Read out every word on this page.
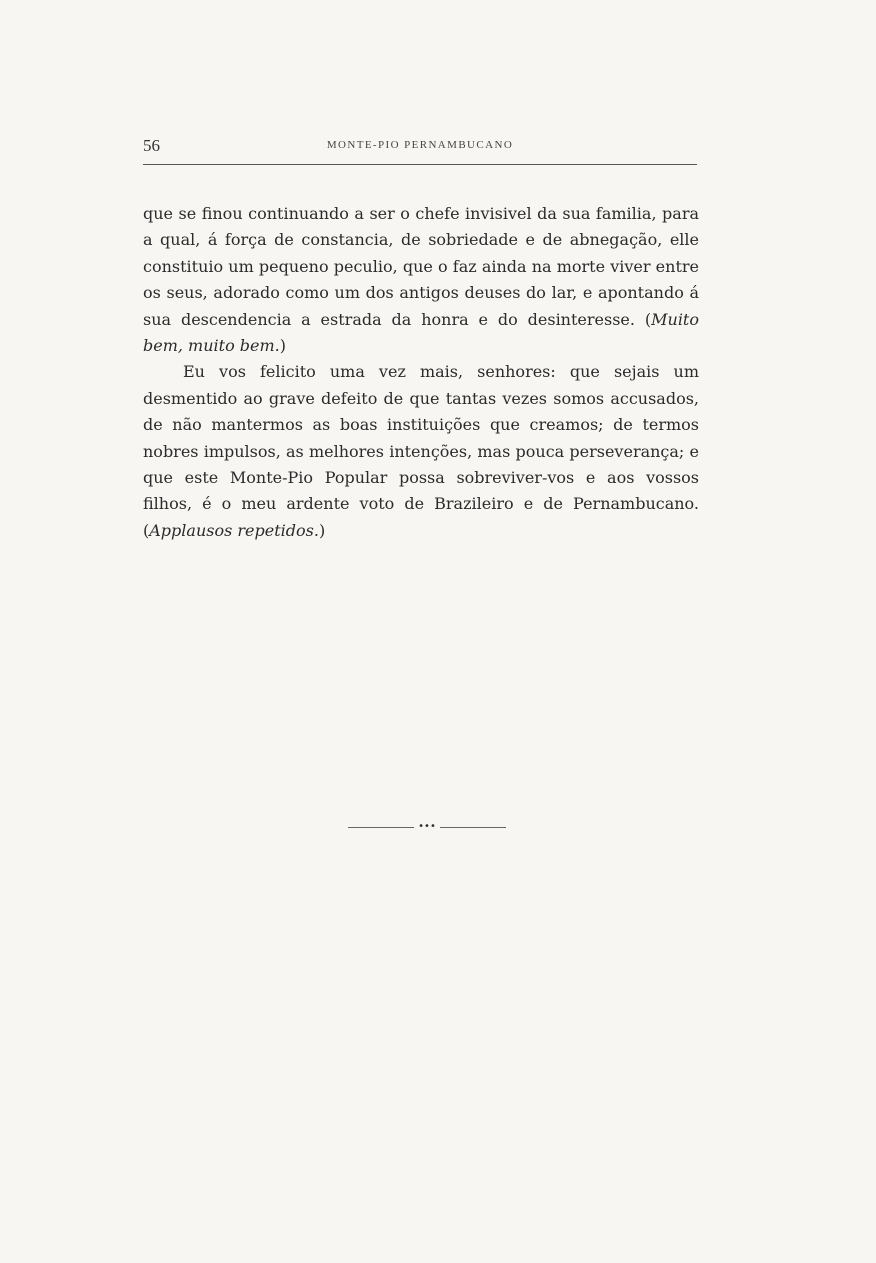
56	MONTE-PIO PERNAMBUCANO

que se finou continuando a ser o chefe invisivel da sua familia, para a qual, á força de constancia, de sobriedade e de abnegação, elle constituio um pequeno peculio, que o faz ainda na morte viver entre os seus, adorado como um dos antigos deuses do lar, e apontando á sua descendencia a estrada da honra e do desinteresse. (Muito bem, muito bem.)

Eu vos felicito uma vez mais, senhores: que sejais um desmentido ao grave defeito de que tantas vezes somos accusados, de não mantermos as boas instituições que creamos; de termos nobres impulsos, as melhores intenções, mas pouca perseverança; e que este Monte-Pio Popular possa sobreviver-vos e aos vossos filhos, é o meu ardente voto de Brazileiro e de Pernambucano. (Applausos repetidos.)

•••
